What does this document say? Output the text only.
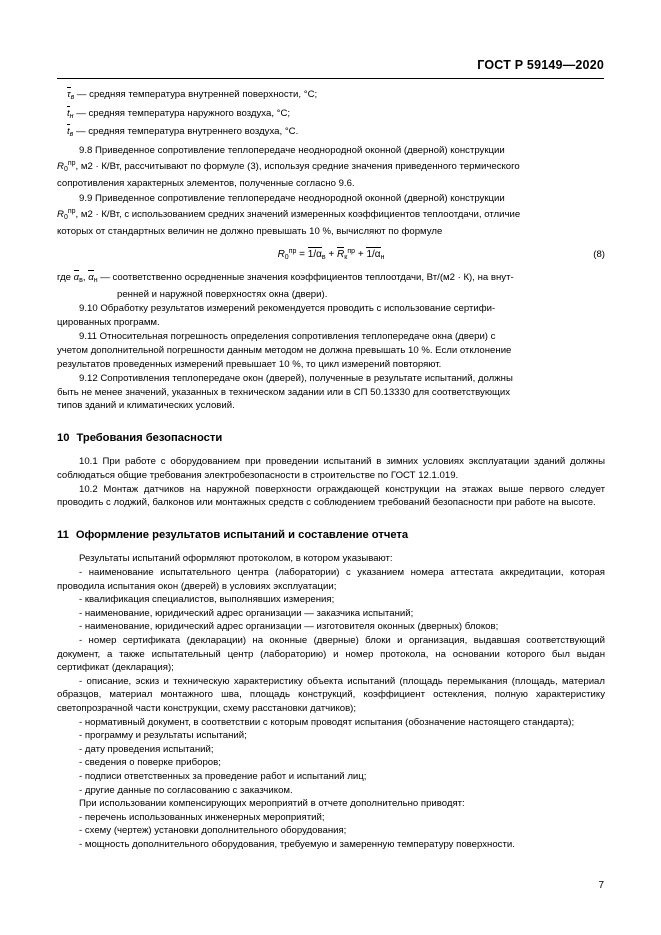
ГОСТ Р 59149—2020

$\tau_в$ — средняя температура внутренней поверхности, °С;

$t_н$ — средняя температура наружного воздуха, °С;

$t_в$ — средняя температура внутреннего воздуха, °С.

9.8 Приведенное сопротивление теплопередаче неоднородной оконной (дверной) конструкции

$R_0^{пр}$, м2 · К/Вт, рассчитывают по формуле (3), используя средние значения приведенного термического

сопротивления характерных элементов, полученные согласно 9.6.

9.9 Приведенное сопротивление теплопередаче неоднородной оконной (дверной) конструкции

$R_0^{пр}$, м2 · К/Вт, с использованием средних значений измеренных коэффициентов теплоотдачи, отличие

которых от стандартных величин не должно превышать 10 %, вычисляют по формуле

$R_0^{пр} = 1/\alpha_в + R_к^{пр} + 1/\alpha_н$	(8)

где $\alpha_в$, $\alpha_н$ — соответственно осредненные значения коэффициентов теплоотдачи, Вт/(м2 · К), на внут-

ренней и наружной поверхностях окна (двери).

9.10 Обработку результатов измерений рекомендуется проводить с использование сертифи-

цированных программ.

9.11 Относительная погрешность определения сопротивления теплопередаче окна (двери) с

учетом дополнительной погрешности данным методом не должна превышать 10 %. Если отклонение

результатов проведенных измерений превышает 10 %, то цикл измерений повторяют.

9.12 Сопротивления теплопередаче окон (дверей), полученные в результате испытаний, должны

быть не менее значений, указанных в техническом задании или в СП 50.13330 для соответствующих

типов зданий и климатических условий.

10 Требования безопасности

10.1 При работе с оборудованием при проведении испытаний в зимних условиях эксплуатации зданий должны соблюдаться общие требования электробезопасности в строительстве по ГОСТ 12.1.019.

10.2 Монтаж датчиков на наружной поверхности ограждающей конструкции на этажах выше первого следует проводить с лоджий, балконов или монтажных средств с соблюдением требований безопасности при работе на высоте.

11 Оформление результатов испытаний и составление отчета

Результаты испытаний оформляют протоколом, в котором указывают:

- наименование испытательного центра (лаборатории) с указанием номера аттестата аккредитации, которая проводила испытания окон (дверей) в условиях эксплуатации;

- квалификация специалистов, выполнявших измерения;

- наименование, юридический адрес организации — заказчика испытаний;

- наименование, юридический адрес организации — изготовителя оконных (дверных) блоков;

- номер сертификата (декларации) на оконные (дверные) блоки и организация, выдавшая соответствующий документ, а также испытательный центр (лабораторию) и номер протокола, на основании которого был выдан сертификат (декларация);

- описание, эскиз и техническую характеристику объекта испытаний (площадь перемыкания (площадь, материал образцов, материал монтажного шва, площадь конструкций, коэффициент остекления, полную характеристику светопрозрачной части конструкции, схему расстановки датчиков);

- нормативный документ, в соответствии с которым проводят испытания (обозначение настоящего стандарта);

- программу и результаты испытаний;

- дату проведения испытаний;

- сведения о поверке приборов;

- подписи ответственных за проведение работ и испытаний лиц;

- другие данные по согласованию с заказчиком.

При использовании компенсирующих мероприятий в отчете дополнительно приводят:

- перечень использованных инженерных мероприятий;

- схему (чертеж) установки дополнительного оборудования;

- мощность дополнительного оборудования, требуемую и замеренную температуру поверхности.

7
